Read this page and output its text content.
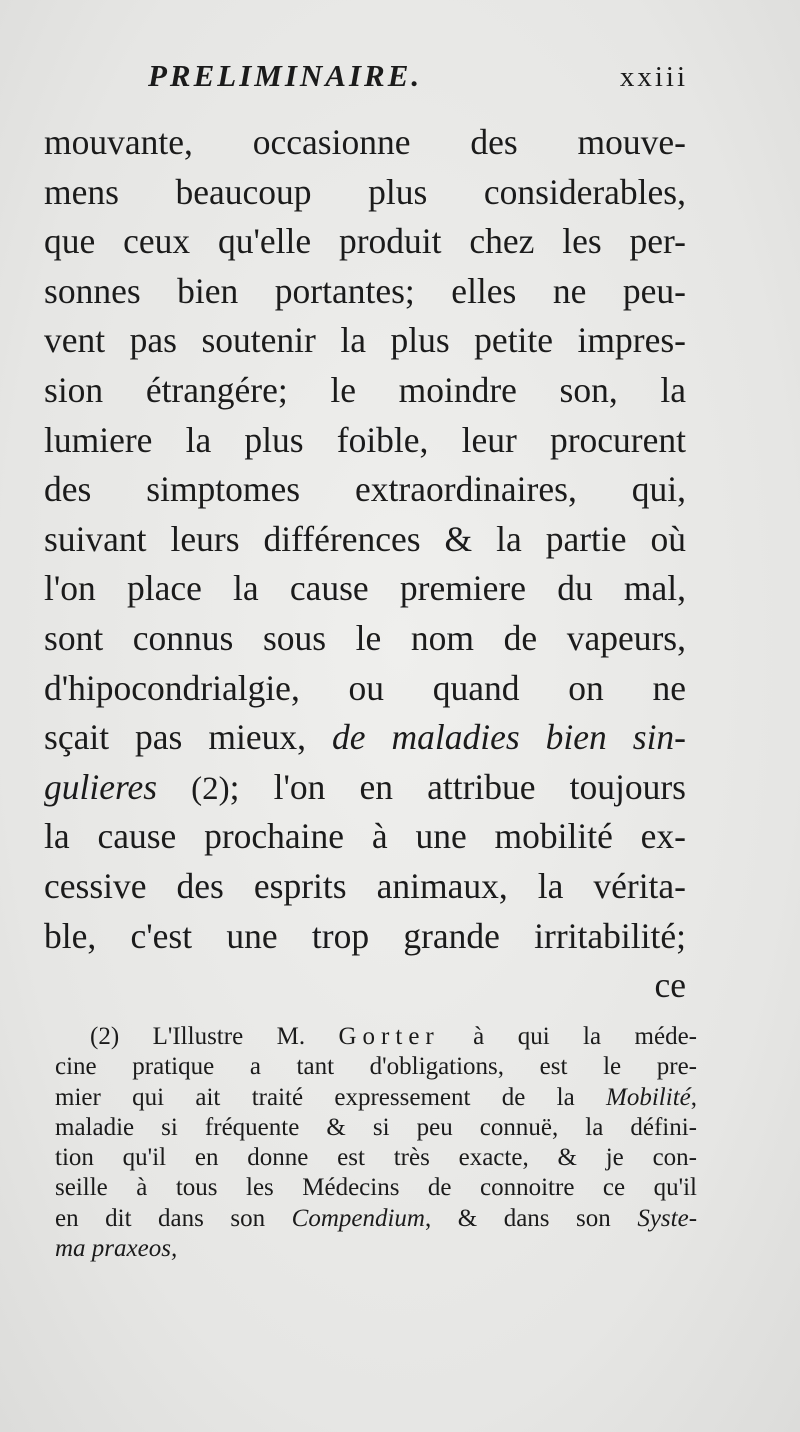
PRELIMINAIRE.	xxiii
mouvante, occasionne des mouve-
mens beaucoup plus considerables,
que ceux qu'elle produit chez les per-
sonnes bien portantes; elles ne peu-
vent pas soutenir la plus petite impres-
sion étrangére; le moindre son, la
lumiere la plus foible, leur procurent
des simptomes extraordinaires, qui,
suivant leurs différences & la partie où
l'on place la cause premiere du mal,
sont connus sous le nom de vapeurs,
d'hipocondrialgie, ou quand on ne
sçait pas mieux, de maladies bien sin-
gulieres (2); l'on en attribue toujours
la cause prochaine à une mobilité ex-
cessive des esprits animaux, la vérita-
ble, c'est une trop grande irritabilité;
ce
(2) L'Illustre M. Gorter à qui la méde-
cine pratique a tant d'obligations, est le pre-
mier qui ait traité expressement de la Mobilité,
maladie si fréquente & si peu connuë, la défini-
tion qu'il en donne est très exacte, & je con-
seille à tous les Médecins de connoitre ce qu'il
en dit dans son Compendium, & dans son Syste-
ma praxeos,
